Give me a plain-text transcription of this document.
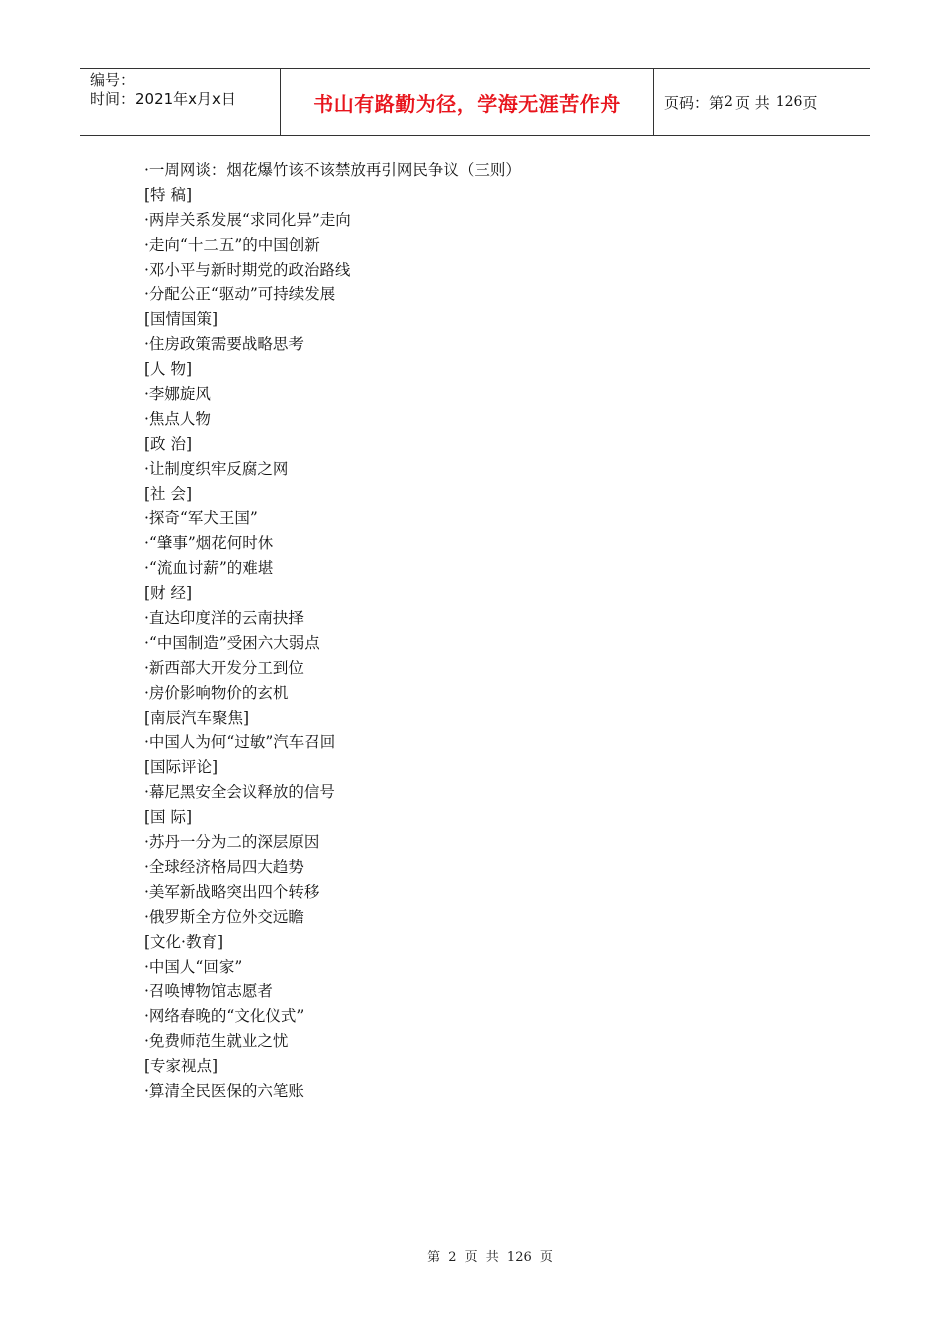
编号：
时间：2021年x月x日	书山有路勤为径，学海无涯苦作舟	页码：第 2 页 共 126 页
·一周网谈：烟花爆竹该不该禁放再引网民争议（三则）
[特 稿]
·两岸关系发展“求同化异”走向
·走向“十二五”的中国创新
·邓小平与新时期党的政治路线
·分配公正“驱动”可持续发展
[国情国策]
·住房政策需要战略思考
[人 物]
·李娜旋风
·焦点人物
[政 治]
·让制度织牢反腐之网
[社 会]
·探奇“军犬王国”
·“肇事”烟花何时休
·“流血讨薪”的难堪
[财 经]
·直达印度洋的云南抉择
·“中国制造”受困六大弱点
·新西部大开发分工到位
·房价影响物价的玄机
[南辰汽车聚焦]
·中国人为何“过敏”汽车召回
[国际评论]
·幕尼黑安全会议释放的信号
[国 际]
·苏丹一分为二的深层原因
·全球经济格局四大趋势
·美军新战略突出四个转移
·俄罗斯全方位外交远瞻
[文化·教育]
·中国人“回家”
·召唤博物馆志愿者
·网络春晚的“文化仪式”
·免费师范生就业之忧
[专家视点]
·算清全民医保的六笔账
第 2 页 共 126 页
